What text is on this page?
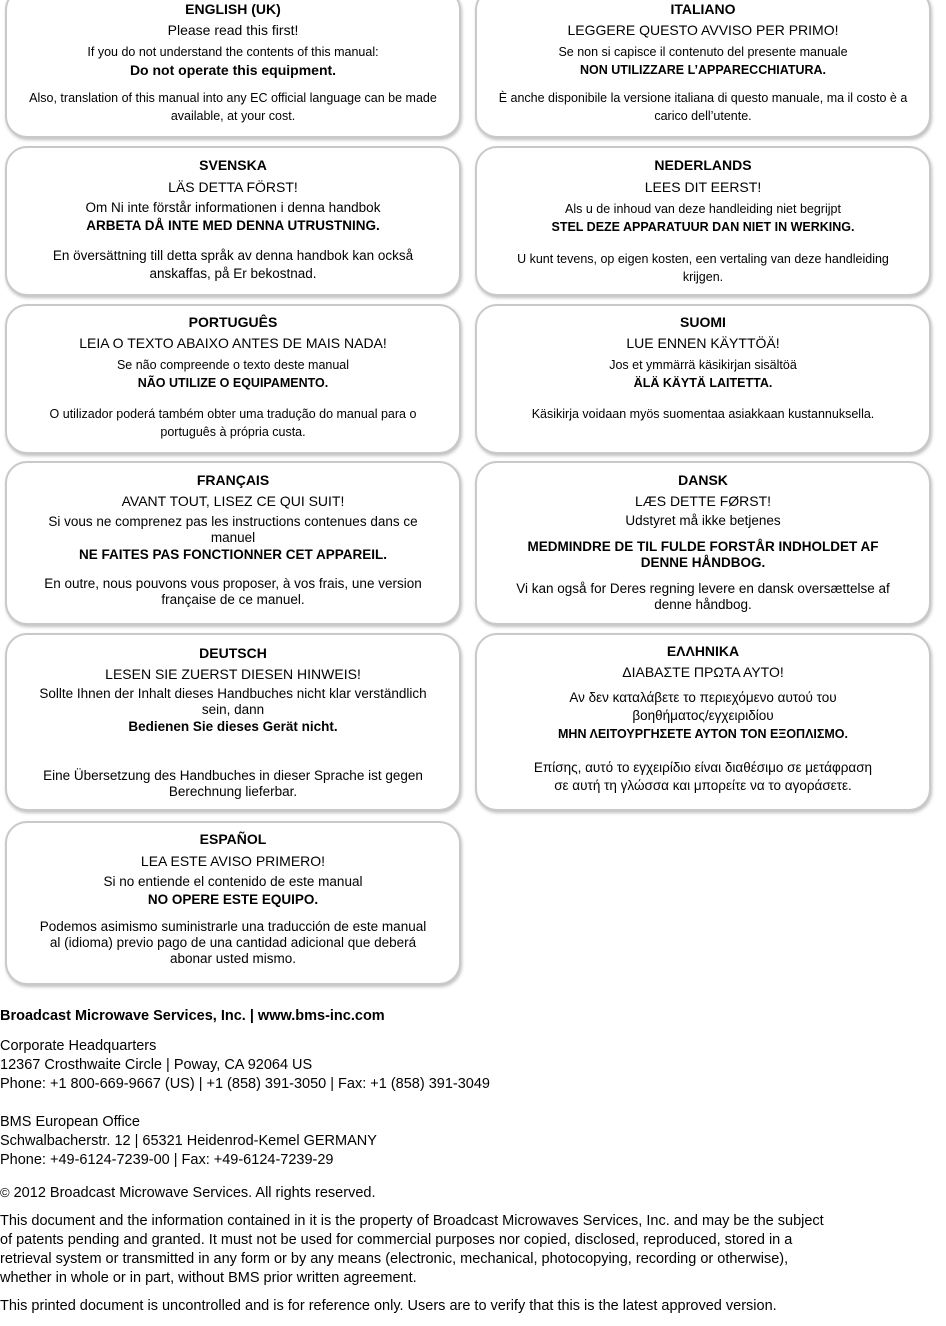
ENGLISH (UK)
Please read this first!
If you do not understand the contents of this manual:
Do not operate this equipment.
Also, translation of this manual into any EC official language can be made
available, at your cost.
ITALIANO
LEGGERE QUESTO AVVISO PER PRIMO!
Se non si capisce il contenuto del presente manuale
NON UTILIZZARE L’APPARECCHIATURA.
È anche disponibile la versione italiana di questo manuale, ma il costo è a
carico dell’utente.
SVENSKA
LÄS DETTA FÖRST!
Om Ni inte förstår informationen i denna handbok
ARBETA DÅ INTE MED DENNA UTRUSTNING.
En översättning till detta språk av denna handbok kan också
anskaffas, på Er bekostnad.
NEDERLANDS
LEES DIT EERST!
Als u de inhoud van deze handleiding niet begrijpt
STEL DEZE APPARATUUR DAN NIET IN WERKING.
U kunt tevens, op eigen kosten, een vertaling van deze handleiding
krijgen.
PORTUGUÊS
LEIA O TEXTO ABAIXO ANTES DE MAIS NADA!
Se não compreende o texto deste manual
NÃO UTILIZE O EQUIPAMENTO.
O utilizador poderá também obter uma tradução do manual para o
português à própria custa.
SUOMI
LUE ENNEN KÄYTTÖÄ!
Jos et ymmärrä käsikirjan sisältöä
ÄLÄ KÄYTÄ LAITETTA.
Käsikirja voidaan myös suomentaa asiakkaan kustannuksella.
FRANÇAIS
AVANT TOUT, LISEZ CE QUI SUIT!
Si vous ne comprenez pas les instructions contenues dans ce
manuel
NE FAITES PAS FONCTIONNER CET APPAREIL.
En outre, nous pouvons vous proposer, à vos frais, une version
française de ce manuel.
DANSK
LÆS DETTE FØRST!
Udstyret må ikke betjenes
MEDMINDRE DE TIL FULDE FORSTÅR INDHOLDET AF
DENNE HÅNDBOG.
Vi kan også for Deres regning levere en dansk oversættelse af
denne håndbog.
DEUTSCH
LESEN SIE ZUERST DIESEN HINWEIS!
Sollte Ihnen der Inhalt dieses Handbuches nicht klar verständlich
sein, dann
Bedienen Sie dieses Gerät nicht.
Eine Übersetzung des Handbuches in dieser Sprache ist gegen
Berechnung lieferbar.
ΕΛΛΗΝΙΚΑ
ΔΙΑΒΑΣΤΕ ΠΡΩΤΑ ΑΥΤΟ!
Αν δεν καταλάβετε το περιεχόμενο αυτού του
βοηθήματος/εγχειριδίου
ΜΗΝ ΛΕΙΤΟΥΡΓΗΣΕΤΕ ΑΥΤΟΝ ΤΟΝ ΕΞΟΠΛΙΣΜΟ.
Επίσης, αυτό το εγχειρίδιο είναι διαθέσιμο σε μετάφραση
σε αυτή τη γλώσσα και μπορείτε να το αγοράσετε.
ESPAÑOL
LEA ESTE AVISO PRIMERO!
Si no entiende el contenido de este manual
NO OPERE ESTE EQUIPO.
Podemos asimismo suministrarle una traducción de este manual
al (idioma) previo pago de una cantidad adicional que deberá
abonar usted mismo.
Broadcast Microwave Services, Inc. | www.bms-inc.com
Corporate Headquarters
12367 Crosthwaite Circle | Poway, CA 92064 US
Phone: +1 800-669-9667 (US) | +1 (858) 391-3050 | Fax: +1 (858) 391-3049
BMS European Office
Schwalbacherstr. 12 | 65321 Heidenrod-Kemel GERMANY
Phone: +49-6124-7239-00 | Fax: +49-6124-7239-29
© 2012 Broadcast Microwave Services. All rights reserved.
This document and the information contained in it is the property of Broadcast Microwaves Services, Inc. and may be the subject
of patents pending and granted. It must not be used for commercial purposes nor copied, disclosed, reproduced, stored in a
retrieval system or transmitted in any form or by any means (electronic, mechanical, photocopying, recording or otherwise),
whether in whole or in part, without BMS prior written agreement.
This printed document is uncontrolled and is for reference only. Users are to verify that this is the latest approved version.
